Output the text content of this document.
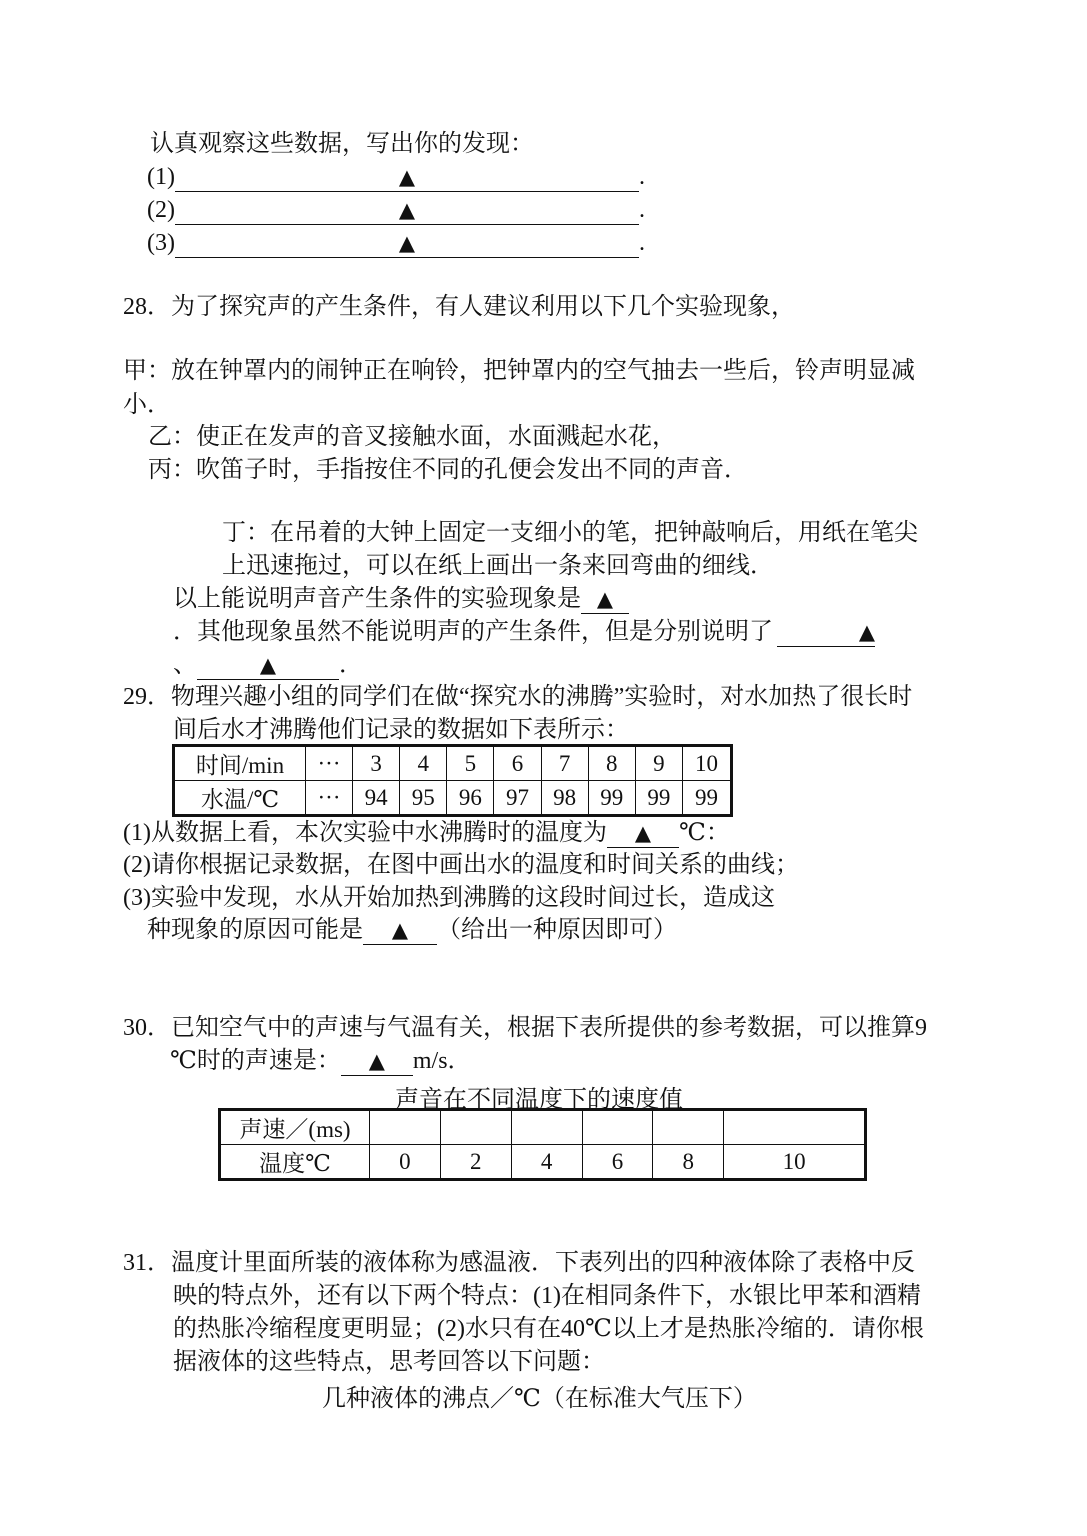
认真观察这些数据，写出你的发现：
(1)	▲	.
(2)	▲	.
(3)	▲	.
28．为了探究声的产生条件，有人建议利用以下几个实验现象，
甲：放在钟罩内的闹钟正在响铃，把钟罩内的空气抽去一些后，铃声明显减
小．
乙：使正在发声的音叉接触水面，水面溅起水花，
丙：吹笛子时，手指按住不同的孔便会发出不同的声音．
丁：在吊着的大钟上固定一支细小的笔，把钟敲响后，用纸在笔尖
上迅速拖过，可以在纸上画出一条来回弯曲的细线．
以上能说明声音产生条件的实验现象是 ▲
．其他现象虽然不能说明声的产生条件，但是分别说明了	▲
、	▲	．
29．物理兴趣小组的同学们在做“探究水的沸腾”实验时，对水加热了很长时
间后水才沸腾他们记录的数据如下表所示：
时间/min	···	3	4	5	6	7	8	9	10
水温/℃	···	94	95	96	97	98	99	99	99
(1)从数据上看，本次实验中水沸腾时的温度为 ▲ ℃：
(2)请你根据记录数据，在图中画出水的温度和时间关系的曲线；
(3)实验中发现，水从开始加热到沸腾的这段时间过长，造成这
种现象的原因可能是 ▲ （给出一种原因即可）
30．已知空气中的声速与气温有关，根据下表所提供的参考数据，可以推算9
℃时的声速是： ▲ m/s．
声音在不同温度下的速度值
声速／(ms)						
温度℃	0	2	4	6	8	10
31．温度计里面所装的液体称为感温液．下表列出的四种液体除了表格中反
映的特点外，还有以下两个特点：(1)在相同条件下，水银比甲苯和酒精
的热胀冷缩程度更明显；(2)水只有在40℃以上才是热胀冷缩的．请你根
据液体的这些特点，思考回答以下问题：
几种液体的沸点／℃（在标准大气压下）
